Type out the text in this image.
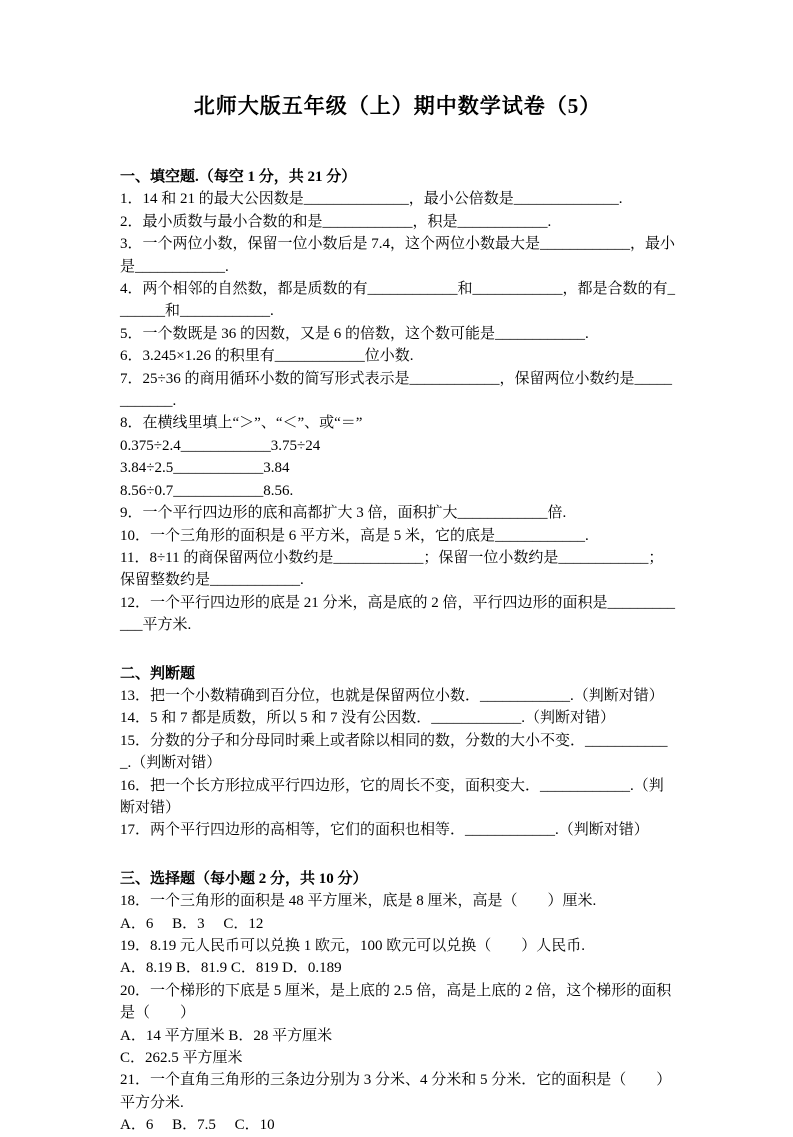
北师大版五年级（上）期中数学试卷（5）

一、填空题.（每空 1 分，共 21 分）

1．14 和 21 的最大公因数是______________，最小公倍数是______________.

2．最小质数与最小合数的和是____________，积是____________.

3．一个两位小数，保留一位小数后是 7.4，这个两位小数最大是____________，最小是____________.

4．两个相邻的自然数，都是质数的有____________和____________，都是合数的有_______和____________.

5．一个数既是 36 的因数，又是 6 的倍数，这个数可能是____________.

6．3.245×1.26 的积里有____________位小数.

7．25÷36 的商用循环小数的简写形式表示是____________，保留两位小数约是____________.

8．在横线里填上“＞”、“＜”、或“＝”

0.375÷2.4____________3.75÷24

3.84÷2.5____________3.84

8.56÷0.7____________8.56.

9．一个平行四边形的底和高都扩大 3 倍，面积扩大____________倍.

10．一个三角形的面积是 6 平方米，高是 5 米，它的底是____________.

11．8÷11 的商保留两位小数约是____________；保留一位小数约是____________；保留整数约是____________.

12．一个平行四边形的底是 21 分米，高是底的 2 倍，平行四边形的面积是____________平方米.

二、判断题

13．把一个小数精确到百分位，也就是保留两位小数．____________.（判断对错）

14．5 和 7 都是质数，所以 5 和 7 没有公因数．____________.（判断对错）

15．分数的分子和分母同时乘上或者除以相同的数，分数的大小不变．____________.（判断对错）

16．把一个长方形拉成平行四边形，它的周长不变，面积变大．____________.（判断对错）

17．两个平行四边形的高相等，它们的面积也相等．____________.（判断对错）

三、选择题（每小题 2 分，共 10 分）

18．一个三角形的面积是 48 平方厘米，底是 8 厘米，高是（　　）厘米.

A．6　 B．3　 C．12

19．8.19 元人民币可以兑换 1 欧元，100 欧元可以兑换（　　）人民币.

A．8.19 B．81.9 C．819 D．0.189

20．一个梯形的下底是 5 厘米，是上底的 2.5 倍，高是上底的 2 倍，这个梯形的面积是（　　）

A．14 平方厘米 B．28 平方厘米

C．262.5 平方厘米

21．一个直角三角形的三条边分别为 3 分米、4 分米和 5 分米．它的面积是（　　）平方分米.

A．6　 B．7.5　 C．10
